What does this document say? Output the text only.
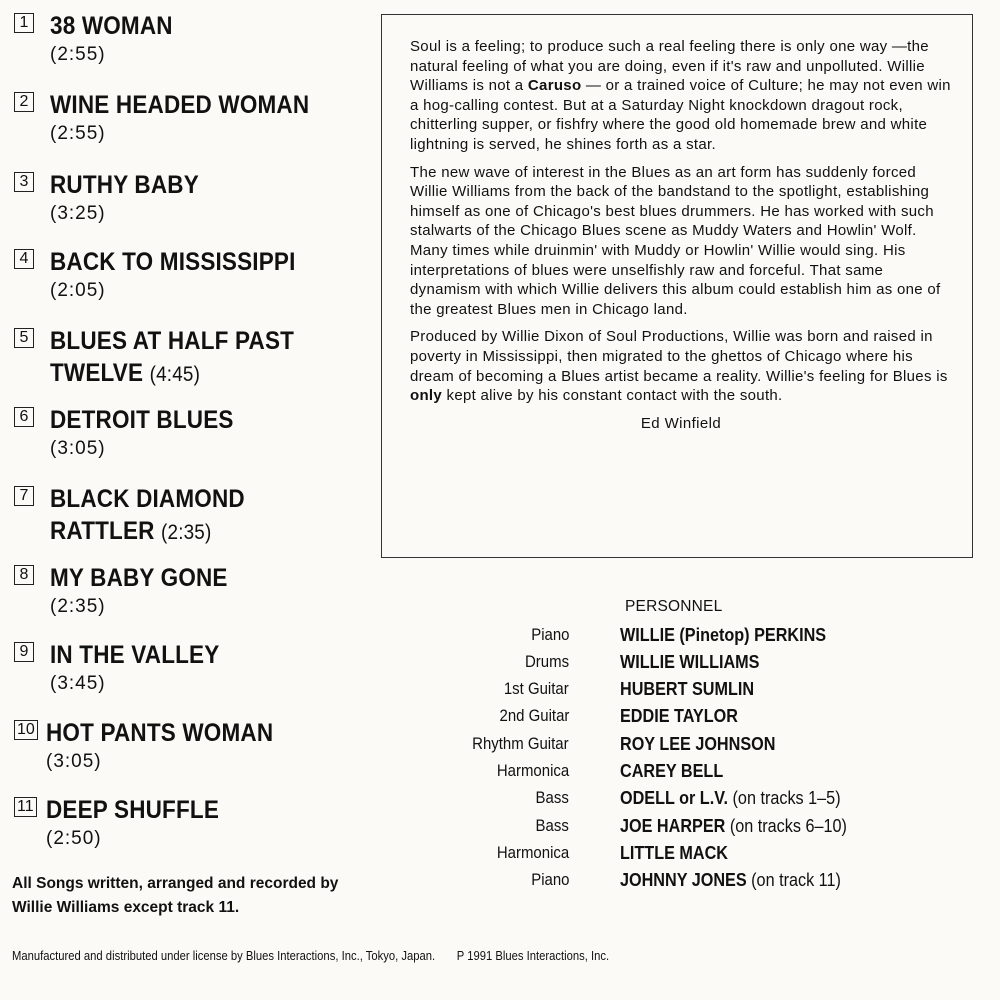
1 38 WOMAN
(2:55)
2 WINE HEADED WOMAN
(2:55)
3 RUTHY BABY
(3:25)
4 BACK TO MISSISSIPPI
(2:05)
5 BLUES AT HALF PAST
TWELVE (4:45)
6 DETROIT BLUES
(3:05)
7 BLACK DIAMOND
RATTLER (2:35)
8 MY BABY GONE
(2:35)
9 IN THE VALLEY
(3:45)
10 HOT PANTS WOMAN
(3:05)
11 DEEP SHUFFLE
(2:50)
All Songs written, arranged and recorded by
Willie Williams except track 11.

Soul is a feeling; to produce such a real feeling there is only one way —the natural feeling of what you are doing, even if it's raw and unpolluted. Willie Williams is not a Caruso — or a trained voice of Culture; he may not even win a hog-calling contest. But at a Saturday Night knockdown dragout rock, chitterling supper, or fishfry where the good old homemade brew and white lightning is served, he shines forth as a star.

The new wave of interest in the Blues as an art form has suddenly forced Willie Williams from the back of the bandstand to the spotlight, establishing himself as one of Chicago's best blues drummers. He has worked with such stalwarts of the Chicago Blues scene as Muddy Waters and Howlin' Wolf. Many times while druinmin' with Muddy or Howlin' Willie would sing. His interpretations of blues were unselfishly raw and forceful. That same dynamism with which Willie delivers this album could establish him as one of the greatest Blues men in Chicago land.

Produced by Willie Dixon of Soul Productions, Willie was born and raised in poverty in Mississippi, then migrated to the ghettos of Chicago where his dream of becoming a Blues artist became a reality. Willie's feeling for Blues is only kept alive by his constant contact with the south.

Ed Winfield
PERSONNEL
Piano	WILLIE (Pinetop) PERKINS
Drums	WILLIE WILLIAMS
1st Guitar	HUBERT SUMLIN
2nd Guitar	EDDIE TAYLOR
Rhythm Guitar	ROY LEE JOHNSON
Harmonica	CAREY BELL
Bass	ODELL or L.V. (on tracks 1–5)
Bass	JOE HARPER (on tracks 6–10)
Harmonica	LITTLE MACK
Piano	JOHNNY JONES (on track 11)
Manufactured and distributed under license by Blues Interactions, Inc., Tokyo, Japan. P 1991 Blues Interactions, Inc.
